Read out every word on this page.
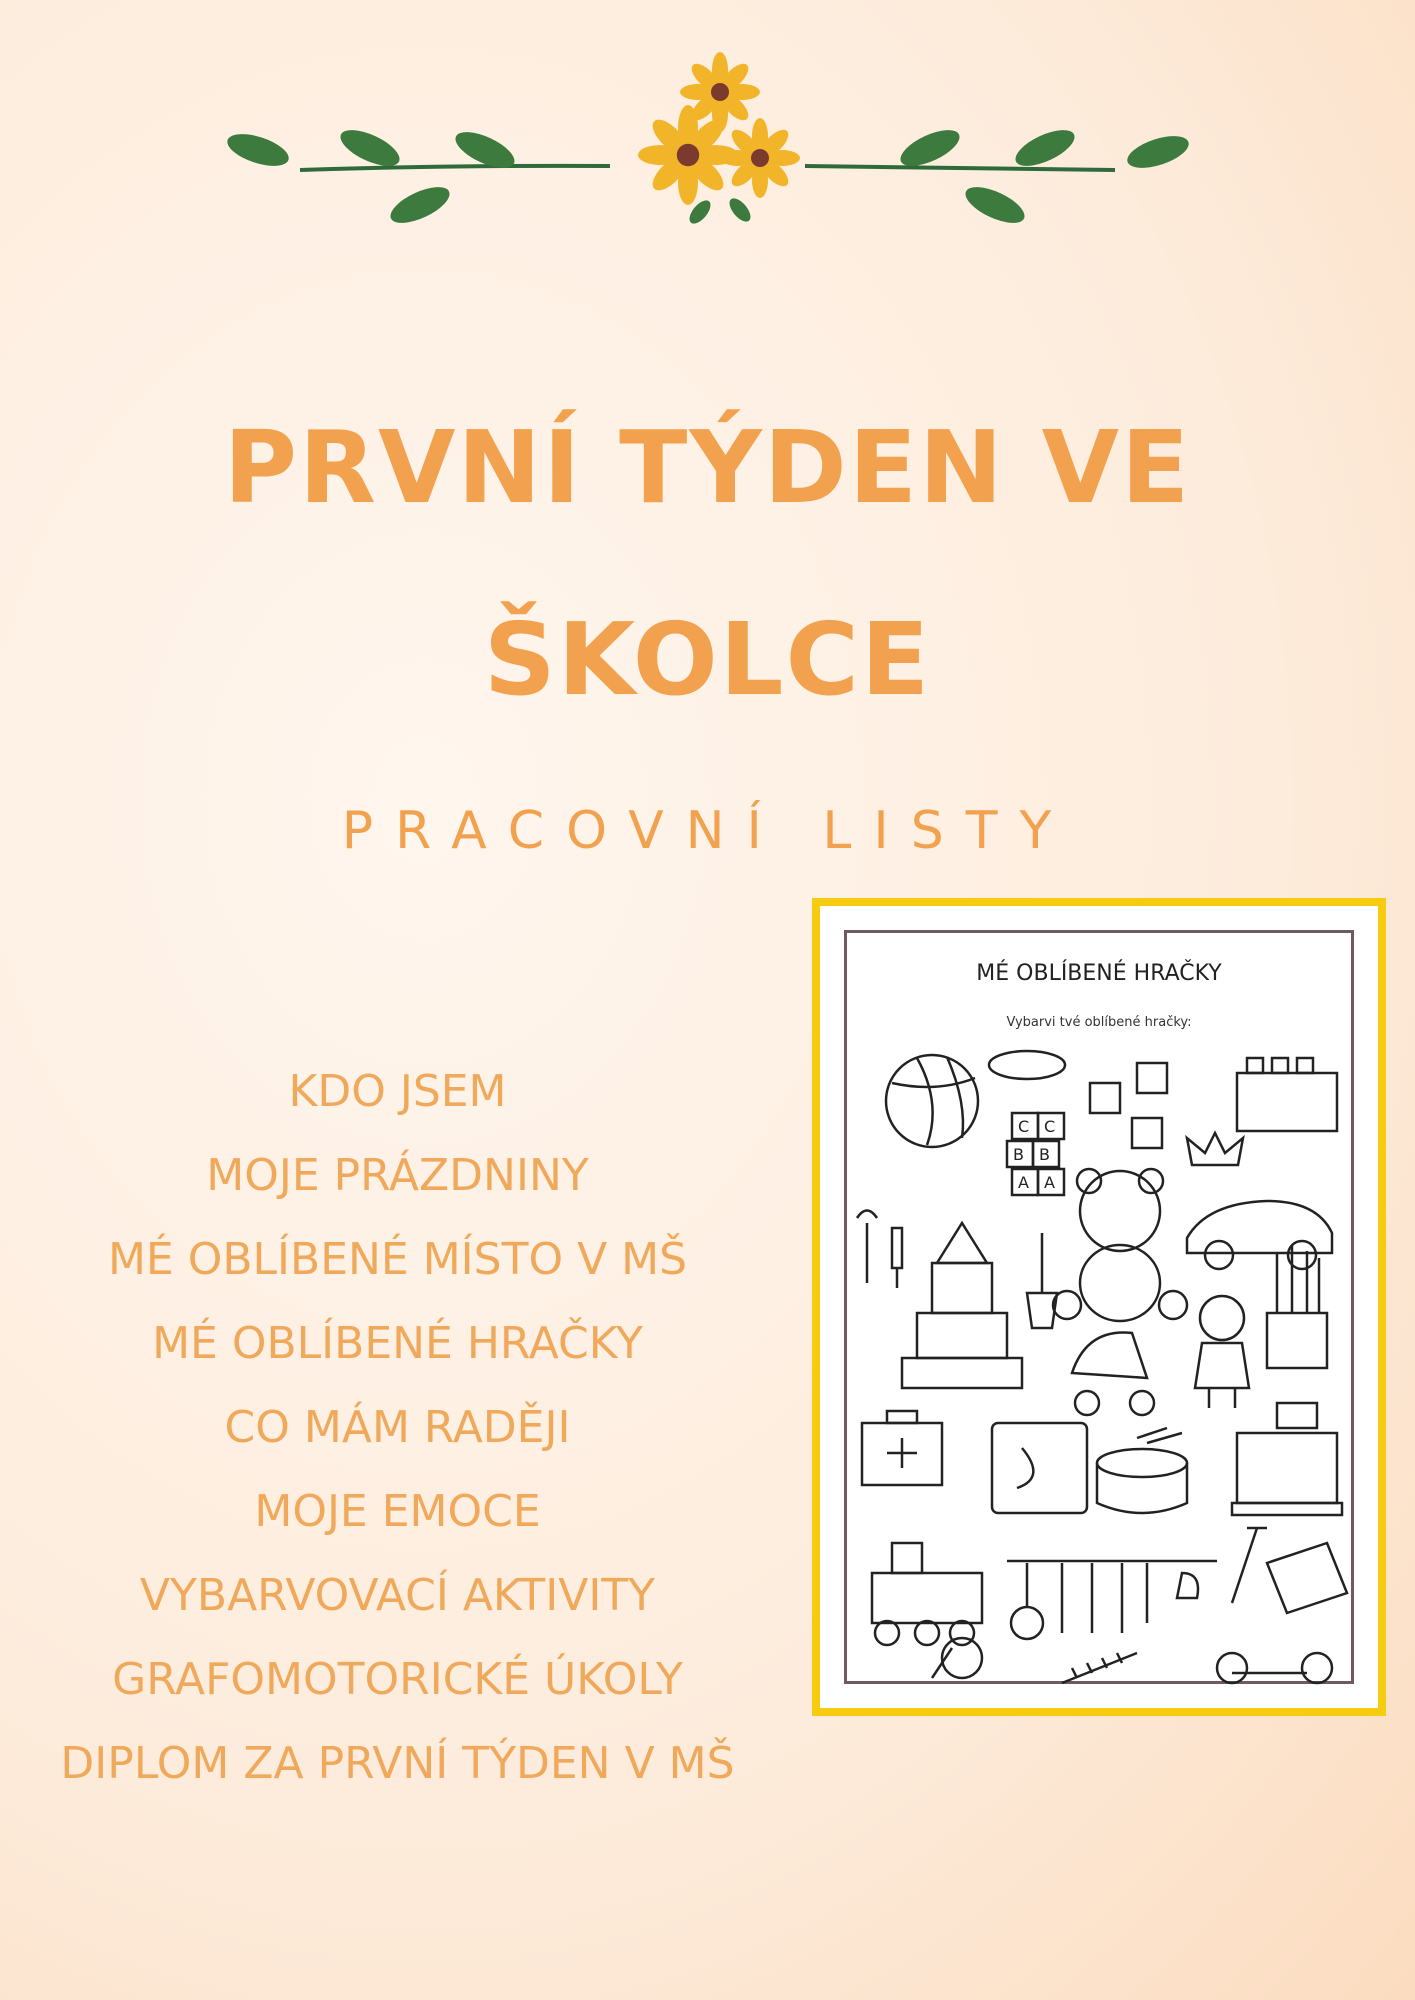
PRVNÍ TÝDEN VE
ŠKOLCE
PRACOVNÍ LISTY
KDO JSEM
MOJE PRÁZDNINY
MÉ OBLÍBENÉ MÍSTO V MŠ
MÉ OBLÍBENÉ HRAČKY
CO MÁM RADĚJI
MOJE EMOCE
VYBARVOVACÍ AKTIVITY
GRAFOMOTORICKÉ ÚKOLY
DIPLOM ZA PRVNÍ TÝDEN V MŠ
MÉ OBLÍBENÉ HRAČKY
Vybarvi tvé oblíbené hračky:
C C
B B
A A
